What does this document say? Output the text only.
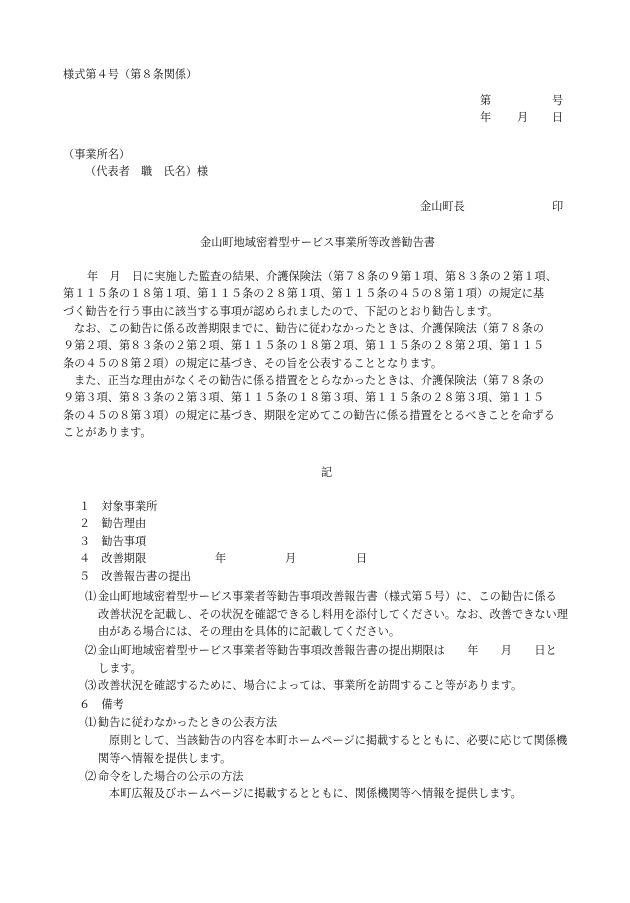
様式第４号（第８条関係）
第	号
年 月 日
（事業所名）
（代表者　職　氏名）様
金山町長	印
金山町地域密着型サービス事業所等改善勧告書
年　月　日に実施した監査の結果、介護保険法（第７８条の９第１項、第８３条の２第１項、
第１１５条の１８第１項、第１１５条の２８第１項、第１１５条の４５の８第１項）の規定に基
づく勧告を行う事由に該当する事項が認められましたので、下記のとおり勧告します。
なお、この勧告に係る改善期限までに、勧告に従わなかったときは、介護保険法（第７８条の
９第２項、第８３条の２第２項、第１１５条の１８第２項、第１１５条の２８第２項、第１１５
条の４５の８第２項）の規定に基づき、その旨を公表することとなります。
また、正当な理由がなくその勧告に係る措置をとらなかったときは、介護保険法（第７８条の
９第３項、第８３条の２第３項、第１１５条の１８第３項、第１１５条の２８第３項、第１１５
条の４５の８第３項）の規定に基づき、期限を定めてこの勧告に係る措置をとるべきことを命ずる
ことがあります。
記
１　対象事業所
２　勧告理由
３　勧告事項
４　改善期限	年	月	日
５　改善報告書の提出
⑴ 金山町地域密着型サービス事業者等勧告事項改善報告書（様式第５号）に、この勧告に係る
改善状況を記載し、その状況を確認できるし料用を添付してください。なお、改善できない理
由がある場合には、その理由を具体的に記載してください。
⑵ 金山町地域密着型サービス事業者等勧告事項改善報告書の提出期限は　　年　　月　　日と
します。
⑶ 改善状況を確認するために、場合によっては、事業所を訪問すること等があります。
６　備考
⑴ 勧告に従わなかったときの公表方法
原則として、当該勧告の内容を本町ホームページに掲載するとともに、必要に応じて関係機
関等へ情報を提供します。
⑵ 命令をした場合の公示の方法
本町広報及びホームページに掲載するとともに、関係機関等へ情報を提供します。
